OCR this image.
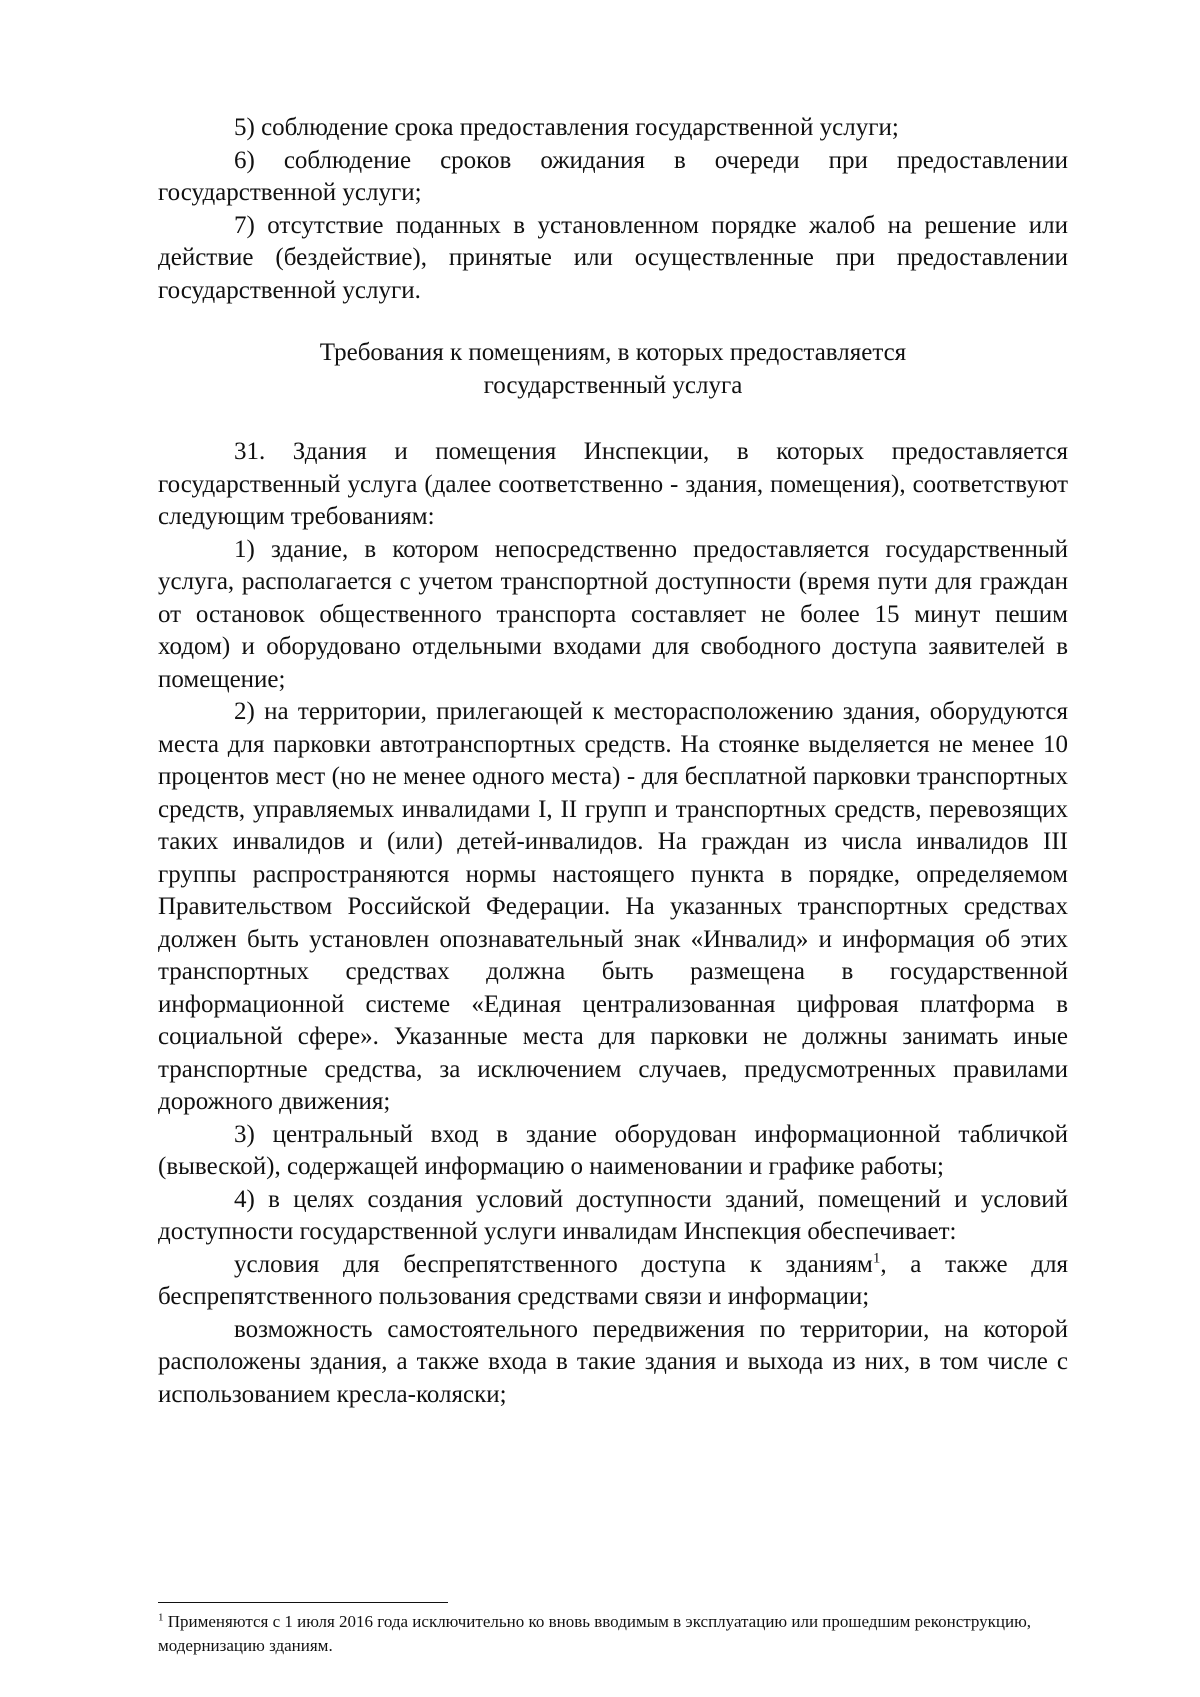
5) соблюдение срока предоставления государственной услуги;

6) соблюдение сроков ожидания в очереди при предоставлении государственной услуги;

7) отсутствие поданных в установленном порядке жалоб на решение или действие (бездействие), принятые или осуществленные при предоставлении государственной услуги.

Требования к помещениям, в которых предоставляется
государственный услуга

31. Здания и помещения Инспекции, в которых предоставляется государственный услуга (далее соответственно - здания, помещения), соответствуют следующим требованиям:

1) здание, в котором непосредственно предоставляется государственный услуга, располагается с учетом транспортной доступности (время пути для граждан от остановок общественного транспорта составляет не более 15 минут пешим ходом) и оборудовано отдельными входами для свободного доступа заявителей в помещение;

2) на территории, прилегающей к месторасположению здания, оборудуются места для парковки автотранспортных средств. На стоянке выделяется не менее 10 процентов мест (но не менее одного места) - для бесплатной парковки транспортных средств, управляемых инвалидами I, II групп и транспортных средств, перевозящих таких инвалидов и (или) детей-инвалидов. На граждан из числа инвалидов III группы распространяются нормы настоящего пункта в порядке, определяемом Правительством Российской Федерации. На указанных транспортных средствах должен быть установлен опознавательный знак «Инвалид» и информация об этих транспортных средствах должна быть размещена в государственной информационной системе «Единая централизованная цифровая платформа в социальной сфере». Указанные места для парковки не должны занимать иные транспортные средства, за исключением случаев, предусмотренных правилами дорожного движения;

3) центральный вход в здание оборудован информационной табличкой (вывеской), содержащей информацию о наименовании и графике работы;

4) в целях создания условий доступности зданий, помещений и условий доступности государственной услуги инвалидам Инспекция обеспечивает:

условия для беспрепятственного доступа к зданиям$^1$, а также для беспрепятственного пользования средствами связи и информации;

возможность самостоятельного передвижения по территории, на которой расположены здания, а также входа в такие здания и выхода из них, в том числе с использованием кресла-коляски;

$^1$ Применяются с 1 июля 2016 года исключительно ко вновь вводимым в эксплуатацию или прошедшим реконструкцию, модернизацию зданиям.
